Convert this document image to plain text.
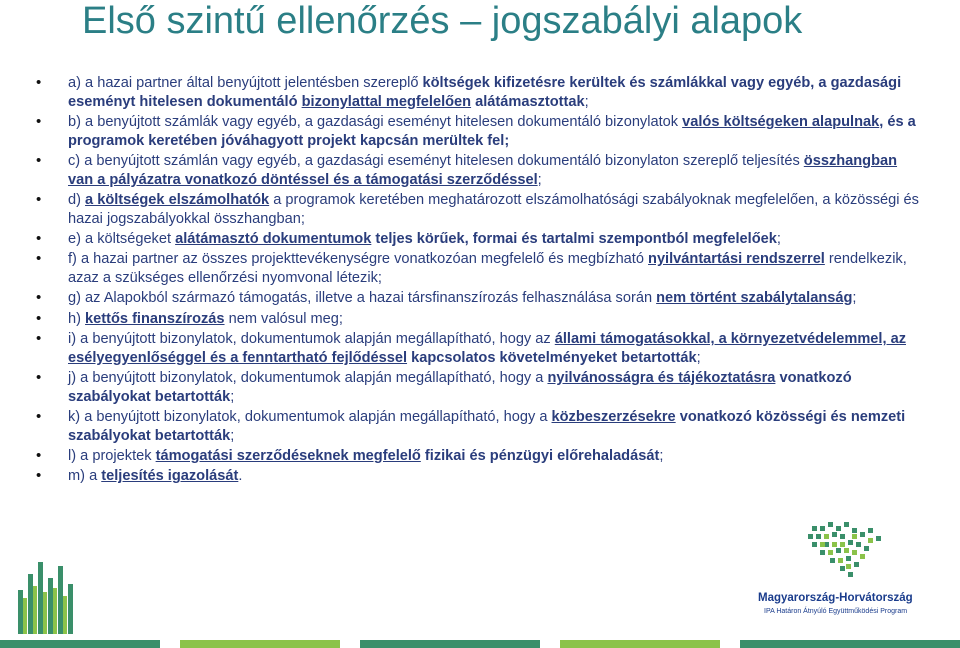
Első szintű ellenőrzés – jogszabályi alapok
• a) a hazai partner által benyújtott jelentésben szereplő költségek kifizetésre kerültek és számlákkal vagy egyéb, a gazdasági eseményt hitelesen dokumentáló bizonylattal megfelelően alátámasztottak;
• b) a benyújtott számlák vagy egyéb, a gazdasági eseményt hitelesen dokumentáló bizonylatok valós költségeken alapulnak, és a programok keretében jóváhagyott projekt kapcsán merültek fel;
• c) a benyújtott számlán vagy egyéb, a gazdasági eseményt hitelesen dokumentáló bizonylaton szereplő teljesítés összhangban van a pályázatra vonatkozó döntéssel és a támogatási szerződéssel;
• d) a költségek elszámolhatók a programok keretében meghatározott elszámolhatósági szabályoknak megfelelően, a közösségi és hazai jogszabályokkal összhangban;
• e) a költségeket alátámasztó dokumentumok teljes körűek, formai és tartalmi szempontból megfelelőek;
• f) a hazai partner az összes projekttevékenységre vonatkozóan megfelelő és megbízható nyilvántartási rendszerrel rendelkezik, azaz a szükséges ellenőrzési nyomvonal létezik;
• g) az Alapokból származó támogatás, illetve a hazai társfinanszírozás felhasználása során nem történt szabálytalanság;
• h) kettős finanszírozás nem valósul meg;
• i) a benyújtott bizonylatok, dokumentumok alapján megállapítható, hogy az állami támogatásokkal, a környezetvédelemmel, az esélyegyenlőséggel és a fenntartható fejlődéssel kapcsolatos követelményeket betartották;
• j) a benyújtott bizonylatok, dokumentumok alapján megállapítható, hogy a nyilvánosságra és tájékoztatásra vonatkozó szabályokat betartották;
• k) a benyújtott bizonylatok, dokumentumok alapján megállapítható, hogy a közbeszerzésekre vonatkozó közösségi és nemzeti szabályokat betartották;
• l) a projektek támogatási szerződéseknek megfelelő fizikai és pénzügyi előrehaladását;
• m) a teljesítés igazolását.
Magyarország-Horvátország
IPA Határon Átnyúló Együttműködési Program
